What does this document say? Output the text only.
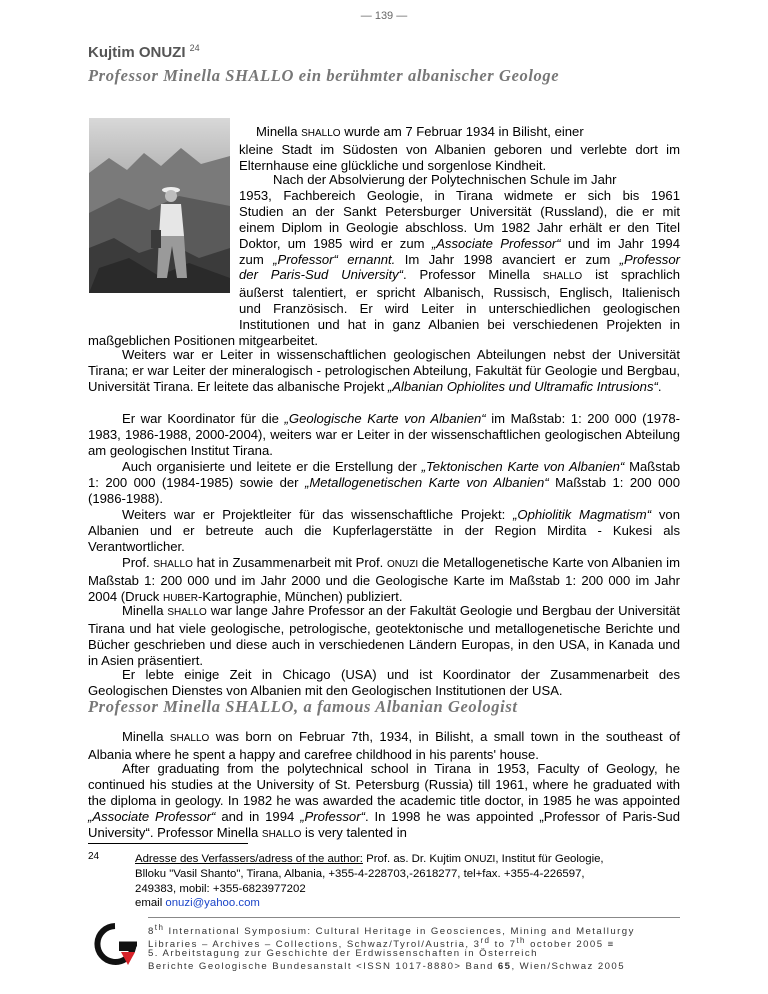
— 139 —
Kujtim ONUZI $^{24}$
Professor Minella SHALLO ein berühmter albanischer Geologe
Minella SHALLO wurde am 7 Februar 1934 in Bilisht, einer
kleine Stadt im Südosten von Albanien geboren und verlebte dort im
Elternhause eine glückliche und sorgenlose Kindheit.
Nach der Absolvierung der Polytechnischen Schule im Jahr
1953, Fachbereich Geologie, in Tirana widmete er sich bis 1961
Studien an der Sankt Petersburger Universität (Russland), die er mit
einem Diplom in Geologie abschloss. Um 1982 Jahr erhält er den Titel
Doktor, um 1985 wird er zum „Associate Professor“ und im Jahr 1994
zum „Professor“ ernannt. Im Jahr 1998 avanciert er zum „Professor
der Paris-Sud University“. Professor Minella SHALLO ist sprachlich
äußerst talentiert, er spricht Albanisch, Russisch, Englisch, Italienisch
und Französisch. Er wird Leiter in unterschiedlichen geologischen
Institutionen und hat in ganz Albanien bei verschiedenen Projekten in
maßgeblichen Positionen mitgearbeitet.
Weiters war er Leiter in wissenschaftlichen geologischen Abteilungen nebst der Universität Tirana; er war Leiter der mineralogisch - petrologischen Abteilung, Fakultät für Geologie und Bergbau, Universität Tirana. Er leitete das albanische Projekt „Albanian Ophiolites und Ultramafic Intrusions“.
Er war Koordinator für die „Geologische Karte von Albanien“ im Maßstab: 1: 200 000 (1978-1983, 1986-1988, 2000-2004), weiters war er Leiter in der wissenschaftlichen geologischen Abteilung am geologischen Institut Tirana.
Auch organisierte und leitete er die Erstellung der „Tektonischen Karte von Albanien“ Maßstab 1: 200 000 (1984-1985) sowie der „Metallogenetischen Karte von Albanien“ Maßstab 1: 200 000 (1986-1988).
Weiters war er Projektleiter für das wissenschaftliche Projekt: „Ophiolitik Magmatism“ von Albanien und er betreute auch die Kupferlagerstätte in der Region Mirdita - Kukesi als Verantwortlicher.
Prof. SHALLO hat in Zusammenarbeit mit Prof. ONUZI die Metallogenetische Karte von Albanien im Maßstab 1: 200 000 und im Jahr 2000 und die Geologische Karte im Maßstab 1: 200 000 im Jahr 2004 (Druck HUBER-Kartographie, München) publiziert.
Minella SHALLO war lange Jahre Professor an der Fakultät Geologie und Bergbau der Universität Tirana und hat viele geologische, petrologische, geotektonische und metallogenetische Berichte und Bücher geschrieben und diese auch in verschiedenen Ländern Europas, in den USA, in Kanada und in Asien präsentiert.
Er lebte einige Zeit in Chicago (USA) und ist Koordinator der Zusammenarbeit des Geologischen Dienstes von Albanien mit den Geologischen Institutionen der USA.
Professor Minella SHALLO, a famous Albanian Geologist
Minella SHALLO was born on Februar 7th, 1934, in Bilisht, a small town in the southeast of Albania where he spent a happy and carefree childhood in his parents' house.
After graduating from the polytechnical school in Tirana in 1953, Faculty of Geology, he continued his studies at the University of St. Petersburg (Russia) till 1961, where he graduated with the diploma in geology. In 1982 he was awarded the academic title doctor, in 1985 he was appointed „Associate Professor“ and in 1994 „Professor“. In 1998 he was appointed „Professor of Paris-Sud University“. Professor Minella SHALLO is very talented in
24	Adresse des Verfassers/adress of the author: Prof. as. Dr. Kujtim ONUZI, Institut für Geologie,
Blloku "Vasil Shanto", Tirana, Albania, +355-4-228703,-2618277, tel+fax. +355-4-226597,
249383, mobil: +355-6823977202
email onuzi@yahoo.com
8th International Symposium: Cultural Heritage in Geosciences, Mining and Metallurgy
Libraries – Archives – Collections, Schwaz/Tyrol/Austria, 3rd to 7th october 2005 ≡
5. Arbeitstagung zur Geschichte der Erdwissenschaften in Österreich
Berichte Geologische Bundesanstalt <ISSN 1017-8880> Band 65, Wien/Schwaz 2005
